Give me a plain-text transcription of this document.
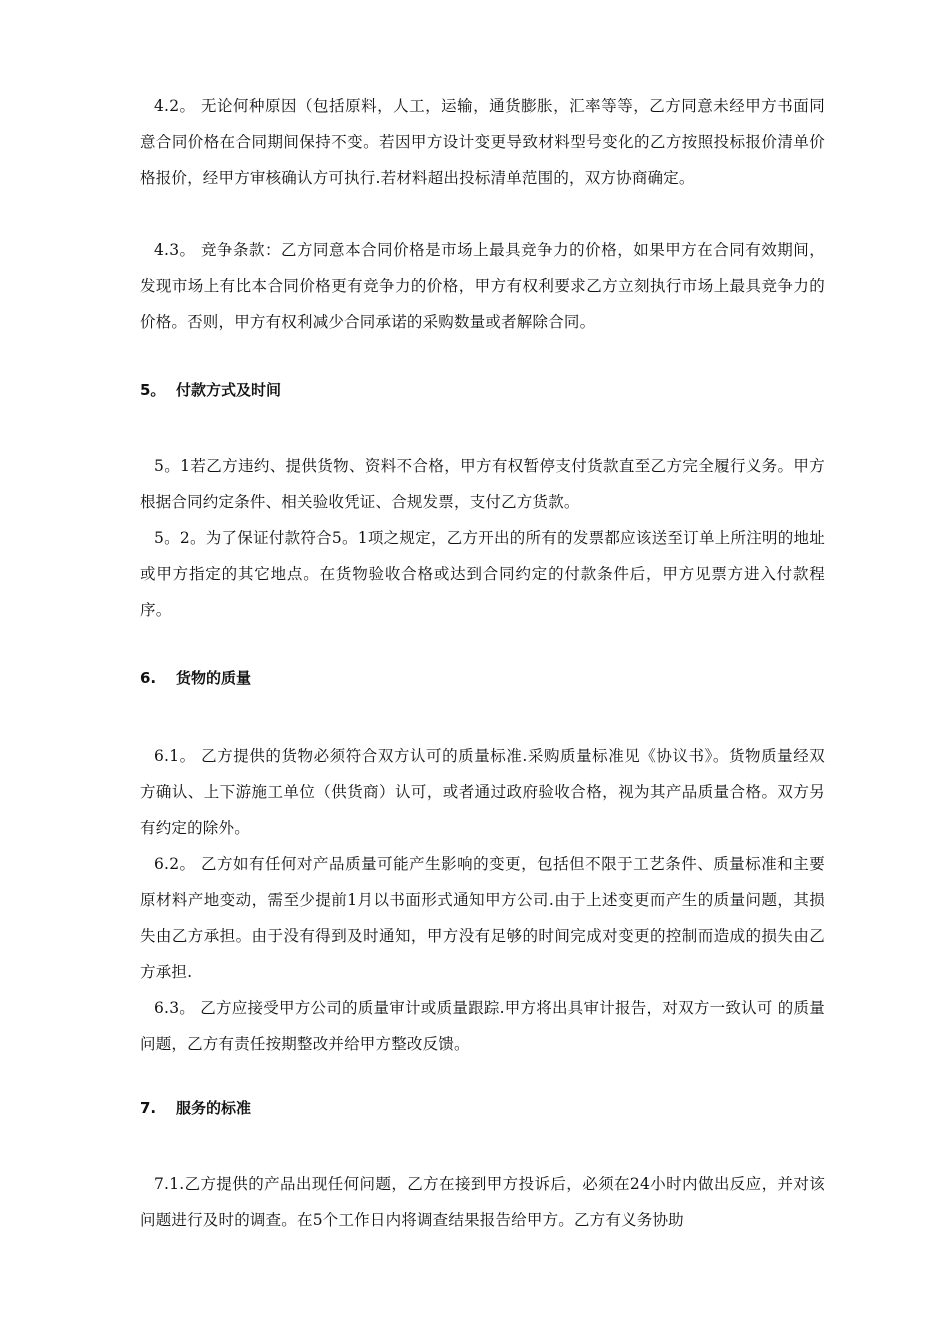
4.2。 无论何种原因（包括原料，人工，运输，通货膨胀，汇率等等，乙方同意未经甲方书面同意合同价格在合同期间保持不变。若因甲方设计变更导致材料型号变化的乙方按照投标报价清单价格报价，经甲方审核确认方可执行.若材料超出投标清单范围的，双方协商确定。
4.3。 竞争条款：乙方同意本合同价格是市场上最具竞争力的价格，如果甲方在合同有效期间，发现市场上有比本合同价格更有竞争力的价格，甲方有权利要求乙方立刻执行市场上最具竞争力的价格。否则，甲方有权利减少合同承诺的采购数量或者解除合同。
5。 付款方式及时间
5。1若乙方违约、提供货物、资料不合格，甲方有权暂停支付货款直至乙方完全履行义务。甲方根据合同约定条件、相关验收凭证、合规发票，支付乙方货款。
5。2。为了保证付款符合5。1项之规定，乙方开出的所有的发票都应该送至订单上所注明的地址或甲方指定的其它地点。在货物验收合格或达到合同约定的付款条件后，甲方见票方进入付款程序。
6. 货物的质量
6.1。 乙方提供的货物必须符合双方认可的质量标准.采购质量标准见《协议书》。货物质量经双方确认、上下游施工单位（供货商）认可，或者通过政府验收合格，视为其产品质量合格。双方另有约定的除外。
6.2。 乙方如有任何对产品质量可能产生影响的变更，包括但不限于工艺条件、质量标准和主要原材料产地变动，需至少提前1月以书面形式通知甲方公司.由于上述变更而产生的质量问题，其损失由乙方承担。由于没有得到及时通知，甲方没有足够的时间完成对变更的控制而造成的损失由乙方承担.
6.3。 乙方应接受甲方公司的质量审计或质量跟踪.甲方将出具审计报告，对双方一致认可 的质量问题，乙方有责任按期整改并给甲方整改反馈。
7. 服务的标准
7.1.乙方提供的产品出现任何问题，乙方在接到甲方投诉后，必须在24小时内做出反应，并对该问题进行及时的调查。在5个工作日内将调查结果报告给甲方。乙方有义务协助
